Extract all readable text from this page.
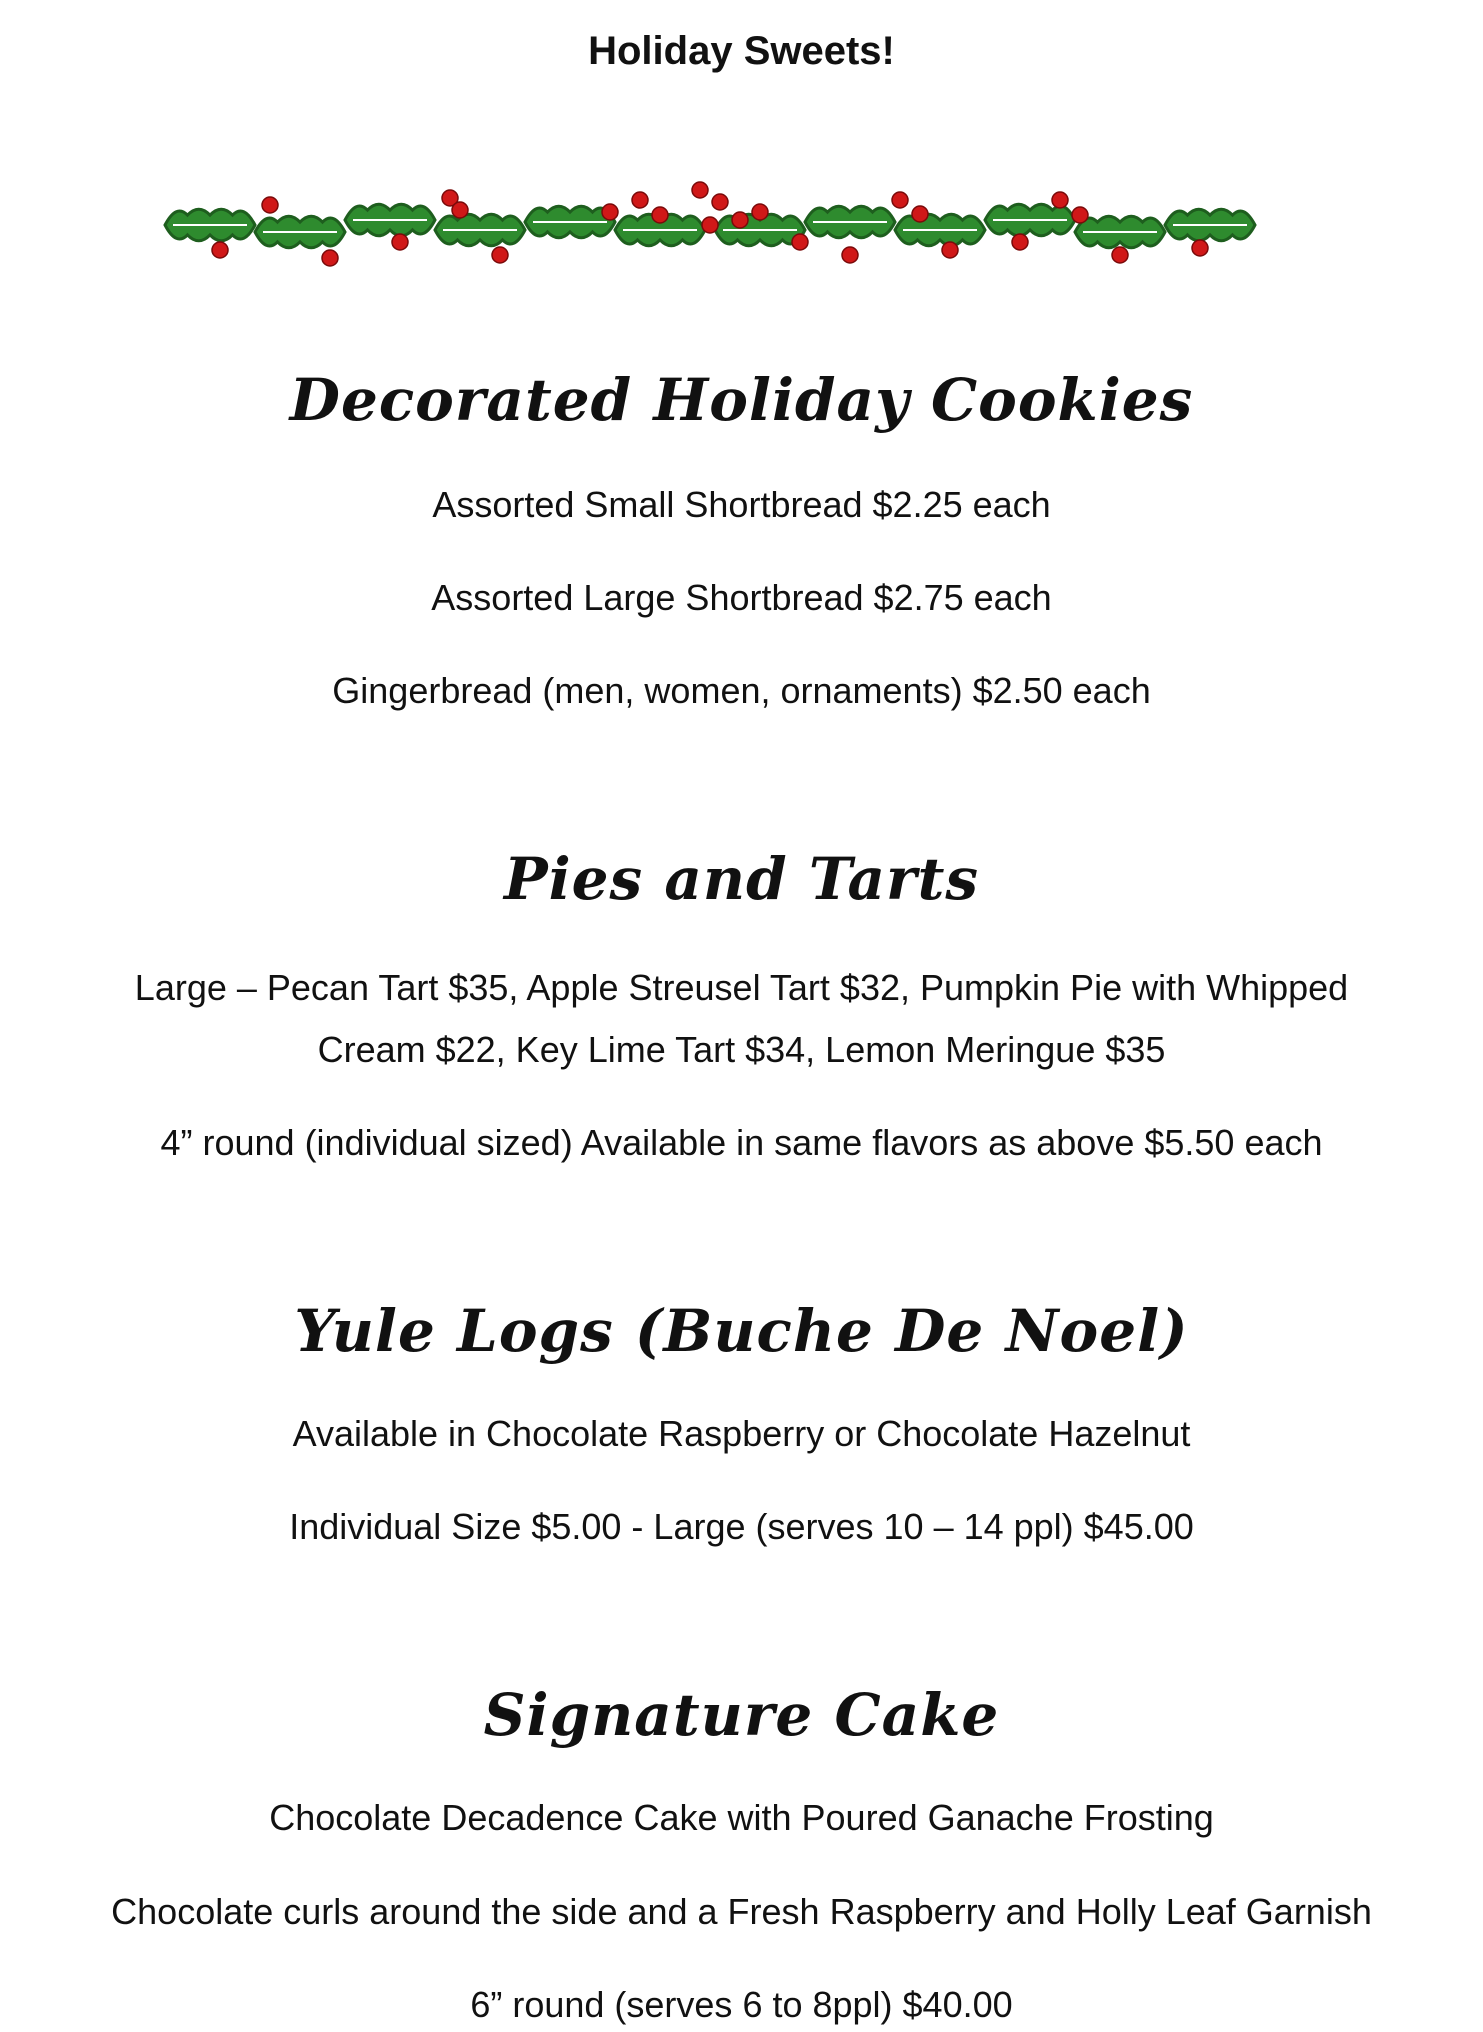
Holiday Sweets!
Decorated Holiday Cookies
Assorted Small Shortbread $2.25 each
Assorted Large Shortbread $2.75 each
Gingerbread (men, women, ornaments) $2.50 each
Pies and Tarts
Large – Pecan Tart $35, Apple Streusel Tart $32, Pumpkin Pie with Whipped
Cream $22, Key Lime Tart $34, Lemon Meringue $35
4” round (individual sized) Available in same flavors as above $5.50 each
Yule Logs (Buche De Noel)
Available in Chocolate Raspberry or Chocolate Hazelnut
Individual Size $5.00 - Large (serves 10 – 14 ppl) $45.00
Signature Cake
Chocolate Decadence Cake with Poured Ganache Frosting
Chocolate curls around the side and a Fresh Raspberry and Holly Leaf Garnish
6” round (serves 6 to 8ppl) $40.00
